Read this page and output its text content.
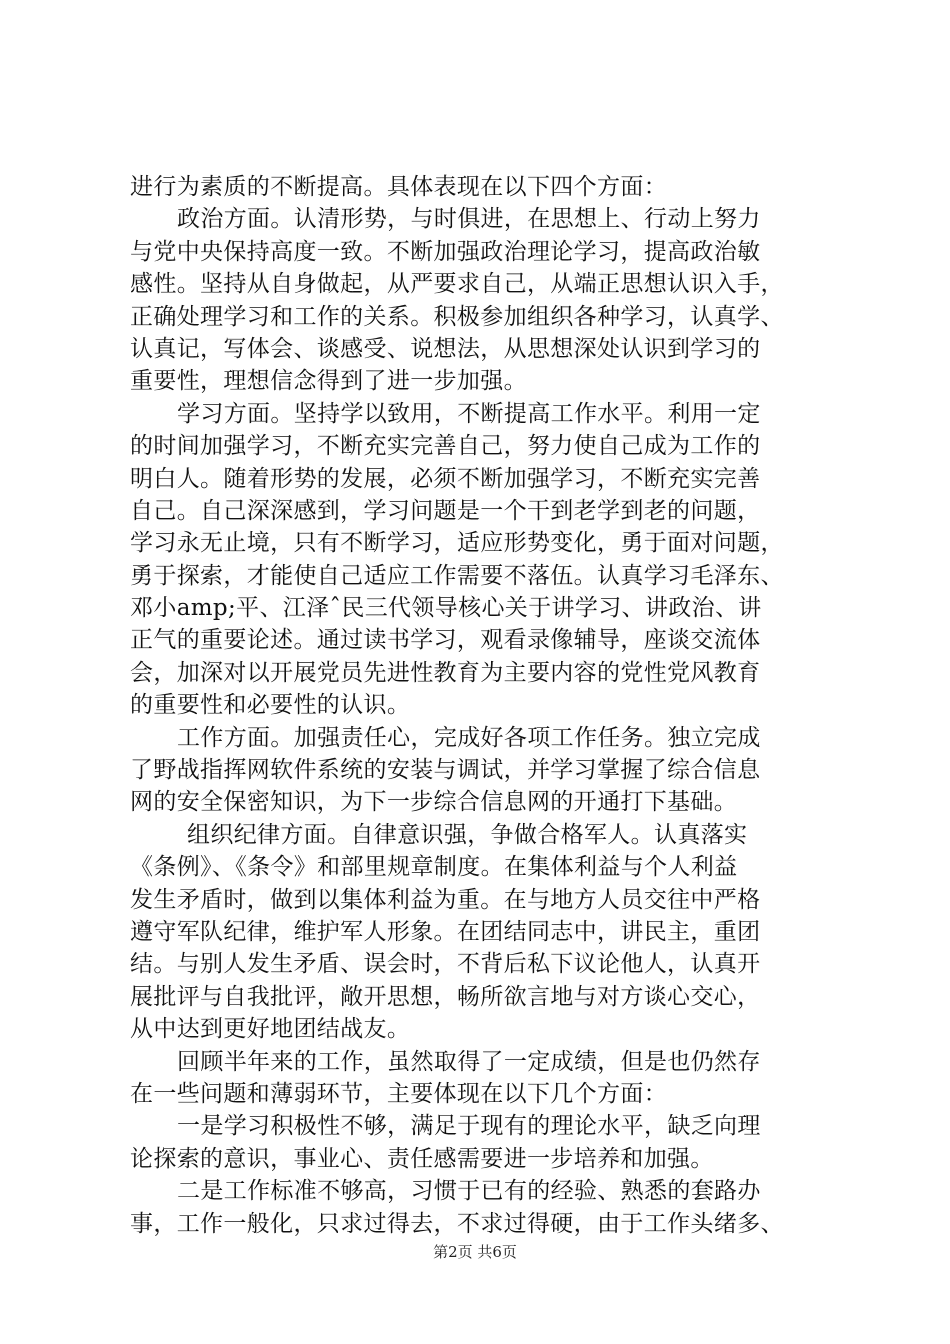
进行为素质的不断提高。具体表现在以下四个方面：
政治方面。认清形势，与时俱进，在思想上、行动上努力
与党中央保持高度一致。不断加强政治理论学习，提高政治敏
感性。坚持从自身做起，从严要求自己，从端正思想认识入手，
正确处理学习和工作的关系。积极参加组织各种学习，认真学、
认真记，写体会、谈感受、说想法，从思想深处认识到学习的
重要性，理想信念得到了进一步加强。
学习方面。坚持学以致用，不断提高工作水平。利用一定
的时间加强学习，不断充实完善自己，努力使自己成为工作的
明白人。随着形势的发展，必须不断加强学习，不断充实完善
自己。自己深深感到，学习问题是一个干到老学到老的问题，
学习永无止境，只有不断学习，适应形势变化，勇于面对问题，
勇于探索，才能使自己适应工作需要不落伍。认真学习毛泽东、
邓小amp;平、江泽ˆ民三代领导核心关于讲学习、讲政治、讲
正气的重要论述。通过读书学习，观看录像辅导，座谈交流体
会，加深对以开展党员先进性教育为主要内容的党性党风教育
的重要性和必要性的认识。
工作方面。加强责任心，完成好各项工作任务。独立完成
了野战指挥网软件系统的安装与调试，并学习掌握了综合信息
网的安全保密知识，为下一步综合信息网的开通打下基础。
组织纪律方面。自律意识强，争做合格军人。认真落实
《条例》、《条令》和部里规章制度。在集体利益与个人利益
发生矛盾时，做到以集体利益为重。在与地方人员交往中严格
遵守军队纪律，维护军人形象。在团结同志中，讲民主，重团
结。与别人发生矛盾、误会时，不背后私下议论他人，认真开
展批评与自我批评，敞开思想，畅所欲言地与对方谈心交心，
从中达到更好地团结战友。
回顾半年来的工作，虽然取得了一定成绩，但是也仍然存
在一些问题和薄弱环节，主要体现在以下几个方面：
一是学习积极性不够，满足于现有的理论水平，缺乏向理
论探索的意识，事业心、责任感需要进一步培养和加强。
二是工作标准不够高，习惯于已有的经验、熟悉的套路办
事，工作一般化，只求过得去，不求过得硬，由于工作头绪多、
第2页 共6页
